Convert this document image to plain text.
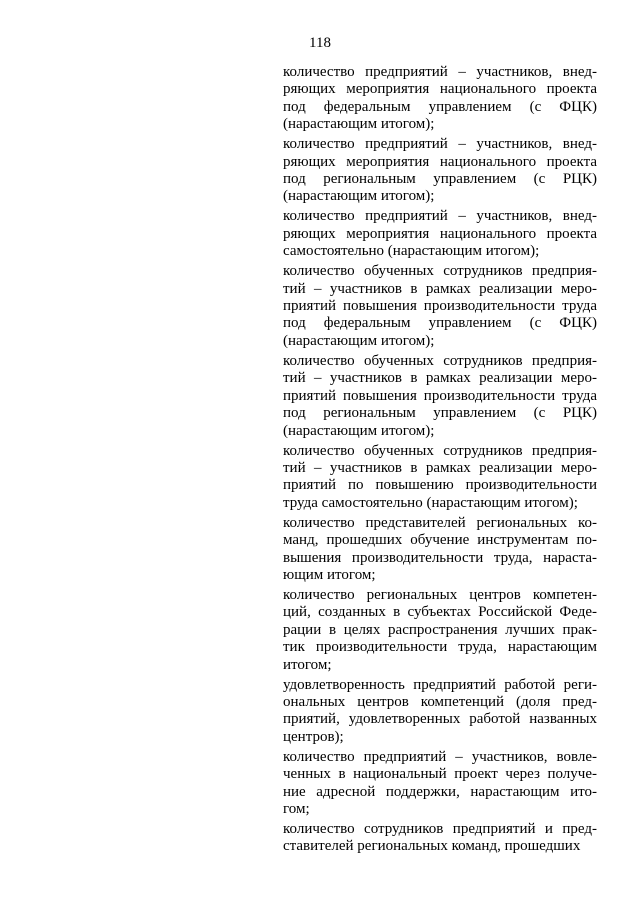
118
количество предприятий – участников, внед-
ряющих мероприятия национального проекта
под федеральным управлением (с ФЦК)
(нарастающим итогом);
количество предприятий – участников, внед-
ряющих мероприятия национального проекта
под региональным управлением (с РЦК)
(нарастающим итогом);
количество предприятий – участников, внед-
ряющих мероприятия национального проекта
самостоятельно (нарастающим итогом);
количество обученных сотрудников предприя-
тий – участников в рамках реализации меро-
приятий повышения производительности труда
под федеральным управлением (с ФЦК)
(нарастающим итогом);
количество обученных сотрудников предприя-
тий – участников в рамках реализации меро-
приятий повышения производительности труда
под региональным управлением (с РЦК)
(нарастающим итогом);
количество обученных сотрудников предприя-
тий – участников в рамках реализации меро-
приятий по повышению производительности
труда самостоятельно (нарастающим итогом);
количество представителей региональных ко-
манд, прошедших обучение инструментам по-
вышения производительности труда, нараста-
ющим итогом;
количество региональных центров компетен-
ций, созданных в субъектах Российской Феде-
рации в целях распространения лучших прак-
тик производительности труда, нарастающим
итогом;
удовлетворенность предприятий работой реги-
ональных центров компетенций (доля пред-
приятий, удовлетворенных работой названных
центров);
количество предприятий – участников, вовле-
ченных в национальный проект через получе-
ние адресной поддержки, нарастающим ито-
гом;
количество сотрудников предприятий и пред-
ставителей региональных команд, прошедших
